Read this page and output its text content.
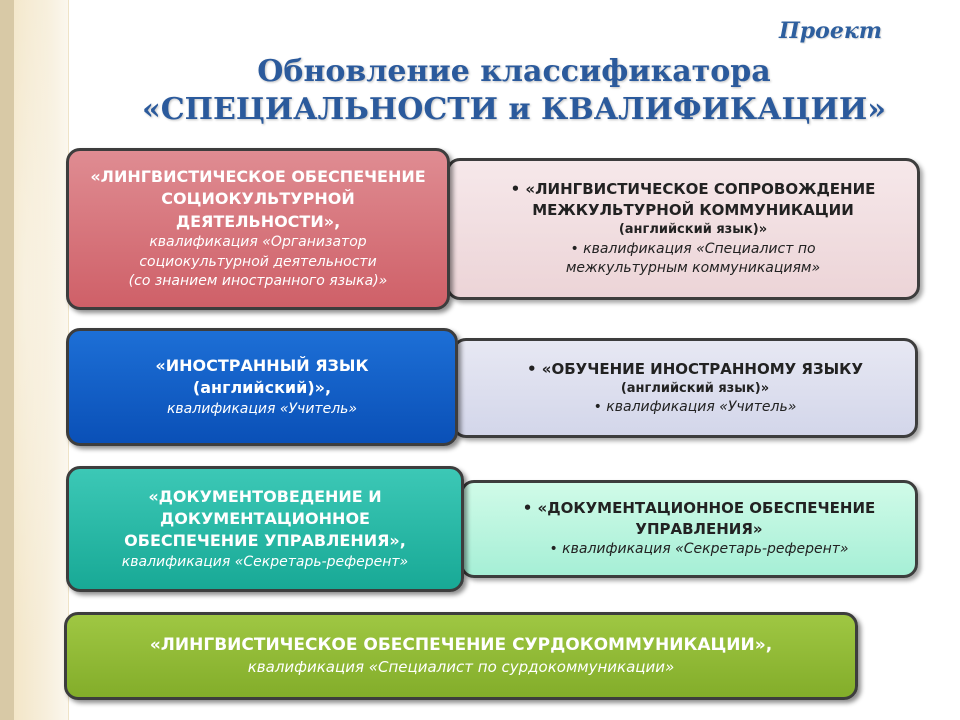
Проект
Обновление классификатора
«СПЕЦИАЛЬНОСТИ и КВАЛИФИКАЦИИ»
• «ЛИНГВИСТИЧЕСКОЕ СОПРОВОЖДЕНИЕ
МЕЖКУЛЬТУРНОЙ КОММУНИКАЦИИ
(английский язык)»
• квалификация «Специалист по
межкультурным коммуникациям»
«ЛИНГВИСТИЧЕСКОЕ ОБЕСПЕЧЕНИЕ
СОЦИОКУЛЬТУРНОЙ
ДЕЯТЕЛЬНОСТИ»,
квалификация «Организатор
социокультурной деятельности
(со знанием иностранного языка)»
• «ОБУЧЕНИЕ ИНОСТРАННОМУ ЯЗЫКУ
(английский язык)»
• квалификация «Учитель»
«ИНОСТРАННЫЙ ЯЗЫК
(английский)»,
квалификация «Учитель»
• «ДОКУМЕНТАЦИОННОЕ ОБЕСПЕЧЕНИЕ
УПРАВЛЕНИЯ»
• квалификация «Секретарь-референт»
«ДОКУМЕНТОВЕДЕНИЕ И
ДОКУМЕНТАЦИОННОЕ
ОБЕСПЕЧЕНИЕ УПРАВЛЕНИЯ»,
квалификация «Секретарь-референт»
«ЛИНГВИСТИЧЕСКОЕ ОБЕСПЕЧЕНИЕ СУРДОКОММУНИКАЦИИ»,
квалификация «Специалист по сурдокоммуникации»
